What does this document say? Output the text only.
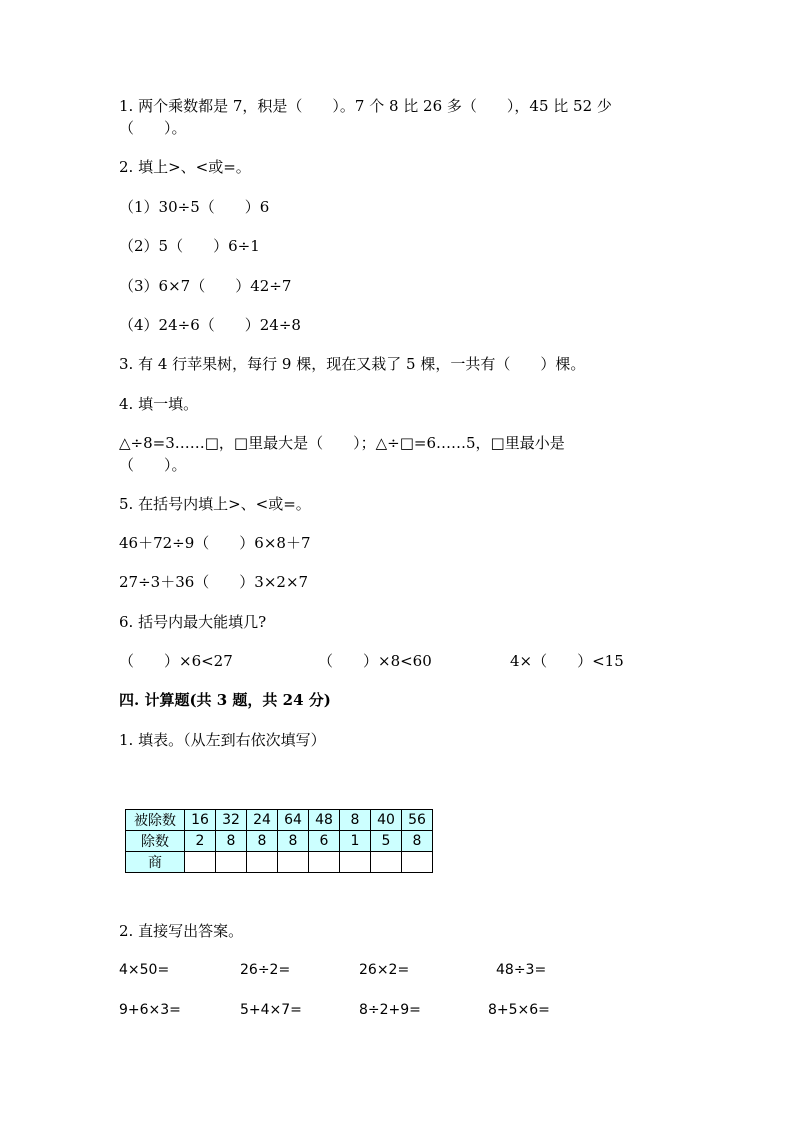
1. 两个乘数都是 7，积是（　　）。7 个 8 比 26 多（　　），45 比 52 少
（　　）。
2. 填上>、<或=。
（1）30÷5（　　）6
（2）5（　　）6÷1
（3）6×7（　　）42÷7
（4）24÷6（　　）24÷8
3. 有 4 行苹果树，每行 9 棵，现在又栽了 5 棵，一共有（　　）棵。
4. 填一填。
△÷8=3……□，□里最大是（　　）；△÷□=6……5，□里最小是
（　　）。
5. 在括号内填上>、<或=。
46＋72÷9（　　）6×8＋7
27÷3＋36（　　）3×2×7
6. 括号内最大能填几?
（　　）×6<27	（　　）×8<60	4×（　　）<15
四. 计算题(共 3 题，共 24 分)
1. 填表。（从左到右依次填写）
被除数	16	32	24	64	48	8	40	56
除数	2	8	8	8	6	1	5	8
商								
2. 直接写出答案。
4×50=	26÷2=	26×2=	48÷3=
9+6×3=	5+4×7=	8÷2+9=	8+5×6=
